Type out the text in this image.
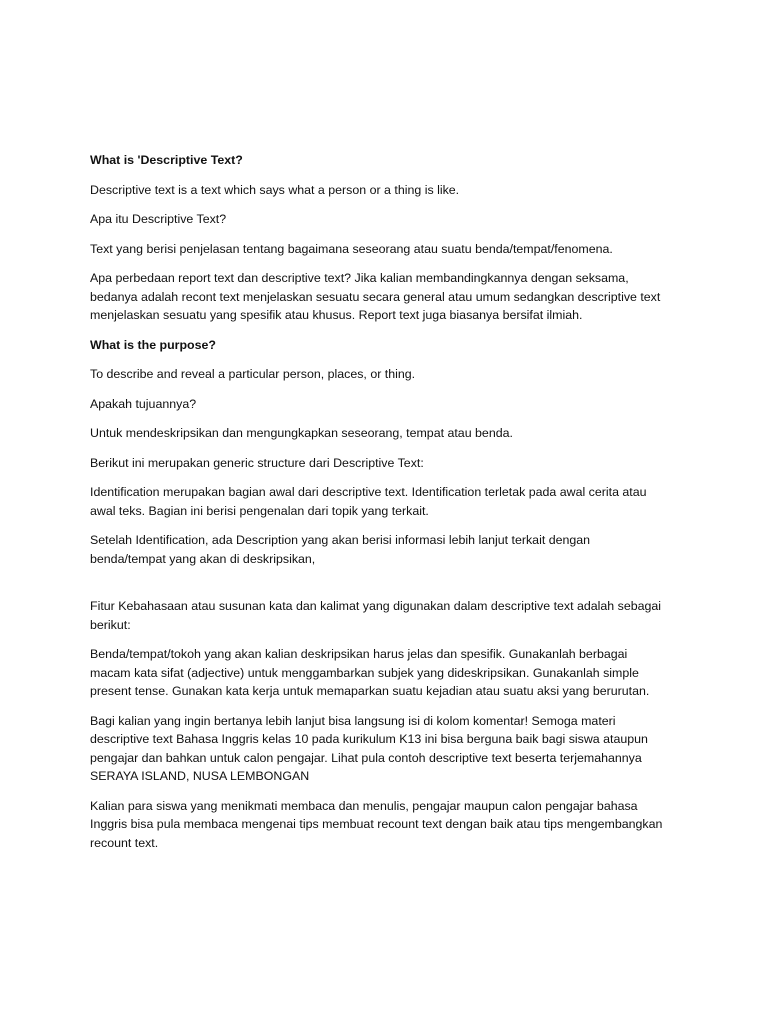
What is 'Descriptive Text?

Descriptive text is a text which says what a person or a thing is like.

Apa itu Descriptive Text?

Text yang berisi penjelasan tentang bagaimana seseorang atau suatu benda/tempat/fenomena.

Apa perbedaan report text dan descriptive text? Jika kalian membandingkannya dengan seksama,
bedanya adalah recont text menjelaskan sesuatu secara general atau umum sedangkan descriptive text
menjelaskan sesuatu yang spesifik atau khusus. Report text juga biasanya bersifat ilmiah.

What is the purpose?

To describe and reveal a particular person, places, or thing.

Apakah tujuannya?

Untuk mendeskripsikan dan mengungkapkan seseorang, tempat atau benda.

Berikut ini merupakan generic structure dari Descriptive Text:

Identification merupakan bagian awal dari descriptive text. Identification terletak pada awal cerita atau
awal teks. Bagian ini berisi pengenalan dari topik yang terkait.

Setelah Identification, ada Description yang akan berisi informasi lebih lanjut terkait dengan
benda/tempat yang akan di deskripsikan,

Fitur Kebahasaan atau susunan kata dan kalimat yang digunakan dalam descriptive text adalah sebagai
berikut:

Benda/tempat/tokoh yang akan kalian deskripsikan harus jelas dan spesifik. Gunakanlah berbagai
macam kata sifat (adjective) untuk menggambarkan subjek yang dideskripsikan. Gunakanlah simple
present tense. Gunakan kata kerja untuk memaparkan suatu kejadian atau suatu aksi yang berurutan.

Bagi kalian yang ingin bertanya lebih lanjut bisa langsung isi di kolom komentar! Semoga materi
descriptive text Bahasa Inggris kelas 10 pada kurikulum K13 ini bisa berguna baik bagi siswa ataupun
pengajar dan bahkan untuk calon pengajar. Lihat pula contoh descriptive text beserta terjemahannya
SERAYA ISLAND, NUSA LEMBONGAN

Kalian para siswa yang menikmati membaca dan menulis, pengajar maupun calon pengajar bahasa
Inggris bisa pula membaca mengenai tips membuat recount text dengan baik atau tips mengembangkan
recount text.
